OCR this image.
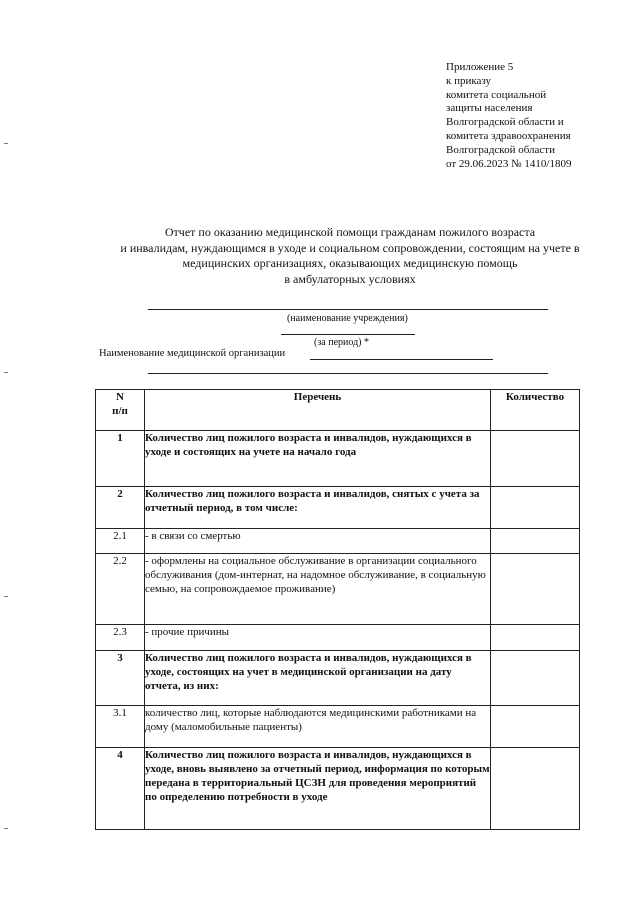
Приложение 5
к приказу
комитета социальной
защиты населения
Волгоградской области и
комитета здравоохранения
Волгоградской области
от 29.06.2023 № 1410/1809
Отчет по оказанию медицинской помощи гражданам пожилого возраста
и инвалидам, нуждающимся в уходе и социальном сопровождении, состоящим на учете в
медицинских организациях, оказывающих медицинскую помощь
в амбулаторных условиях
(наименование учреждения)
(за период) *
Наименование медицинской организации
N
п/п	Перечень	Количество
1	Количество лиц пожилого возраста и инвалидов, нуждающихся в уходе и состоящих на учете на начало года	
2	Количество лиц пожилого возраста и инвалидов, снятых с учета за отчетный период, в том числе:	
2.1	- в связи со смертью	
2.2	- оформлены на социальное обслуживание в организации социального обслуживания (дом-интернат, на надомное обслуживание, в социальную семью, на сопровождаемое проживание)	
2.3	- прочие причины	
3	Количество лиц пожилого возраста и инвалидов, нуждающихся в уходе, состоящих на учет в медицинской организации на дату отчета, из них:	
3.1	количество лиц, которые наблюдаются медицинскими работниками на дому (маломобильные пациенты)	
4	Количество лиц пожилого возраста и инвалидов, нуждающихся в уходе, вновь выявлено за отчетный период, информация по которым передана в территориальный ЦСЗН для проведения мероприятий по определению потребности в уходе	
